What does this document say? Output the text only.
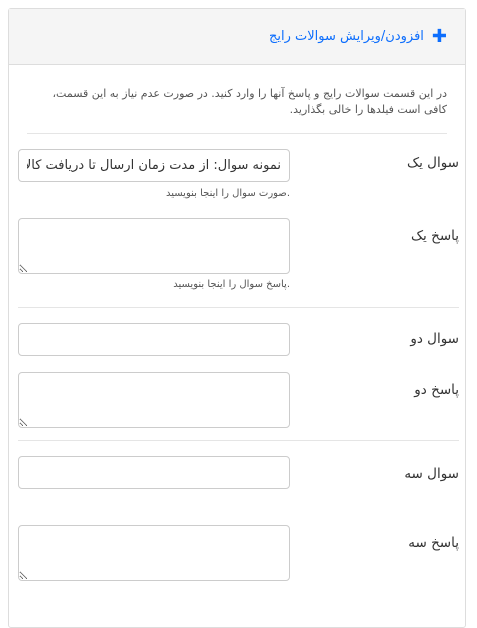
✚
افزودن/ویرایش سوالات رایج
در این قسمت سوالات رایج و پاسخ آنها را وارد کنید. در صورت عدم نیاز به این قسمت، کافی است فیلدها را خالی بگذارید.
سوال یک
نمونه سوال: از مدت زمان ارسال تا دریافت کالا
صورت سوال را اینجا بنویسید.
پاسخ یک
پاسخ سوال را اینجا بنویسید.
سوال دو
پاسخ دو
سوال سه
پاسخ سه
